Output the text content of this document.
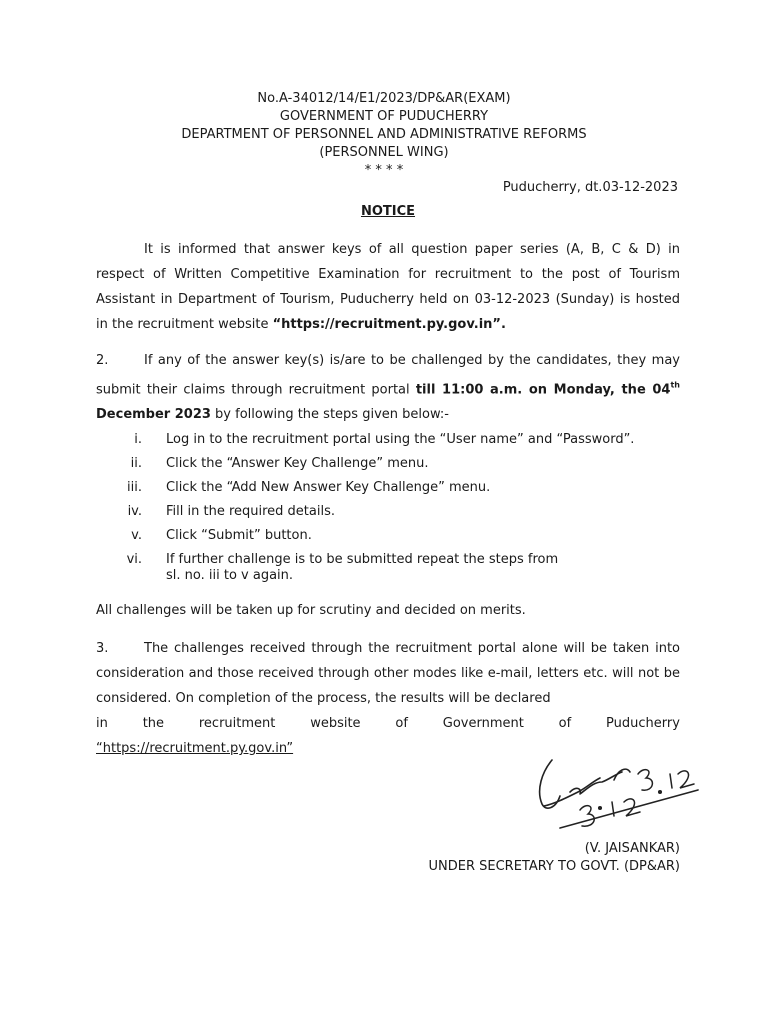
No.A-34012/14/E1/2023/DP&AR(EXAM)
GOVERNMENT OF PUDUCHERRY
DEPARTMENT OF PERSONNEL AND ADMINISTRATIVE REFORMS
(PERSONNEL WING)
* * * *
Puducherry, dt.03-12-2023
NOTICE
It is informed that answer keys of all question paper series (A, B, C & D) in respect of Written Competitive Examination for recruitment to the post of Tourism Assistant in Department of Tourism, Puducherry held on 03-12-2023 (Sunday) is hosted in the recruitment website “https://recruitment.py.gov.in”.
2.	If any of the answer key(s) is/are to be challenged by the candidates, they may submit their claims through recruitment portal till 11:00 a.m. on Monday, the 04th December 2023 by following the steps given below:-
i.	Log in to the recruitment portal using the “User name” and “Password”.
ii.	Click the “Answer Key Challenge” menu.
iii.	Click the “Add New Answer Key Challenge” menu.
iv.	Fill in the required details.
v.	Click “Submit” button.
vi.	If further challenge is to be submitted repeat the steps from sl. no. iii to v again.
All challenges will be taken up for scrutiny and decided on merits.
3.	The challenges received through the recruitment portal alone will be taken into consideration and those received through other modes like e-mail, letters etc. will not be considered. On completion of the process, the results will be declared
in	the	recruitment	website	of	Government	of	Puducherry
“https://recruitment.py.gov.in”
(V. JAISANKAR)
UNDER SECRETARY TO GOVT. (DP&AR)
